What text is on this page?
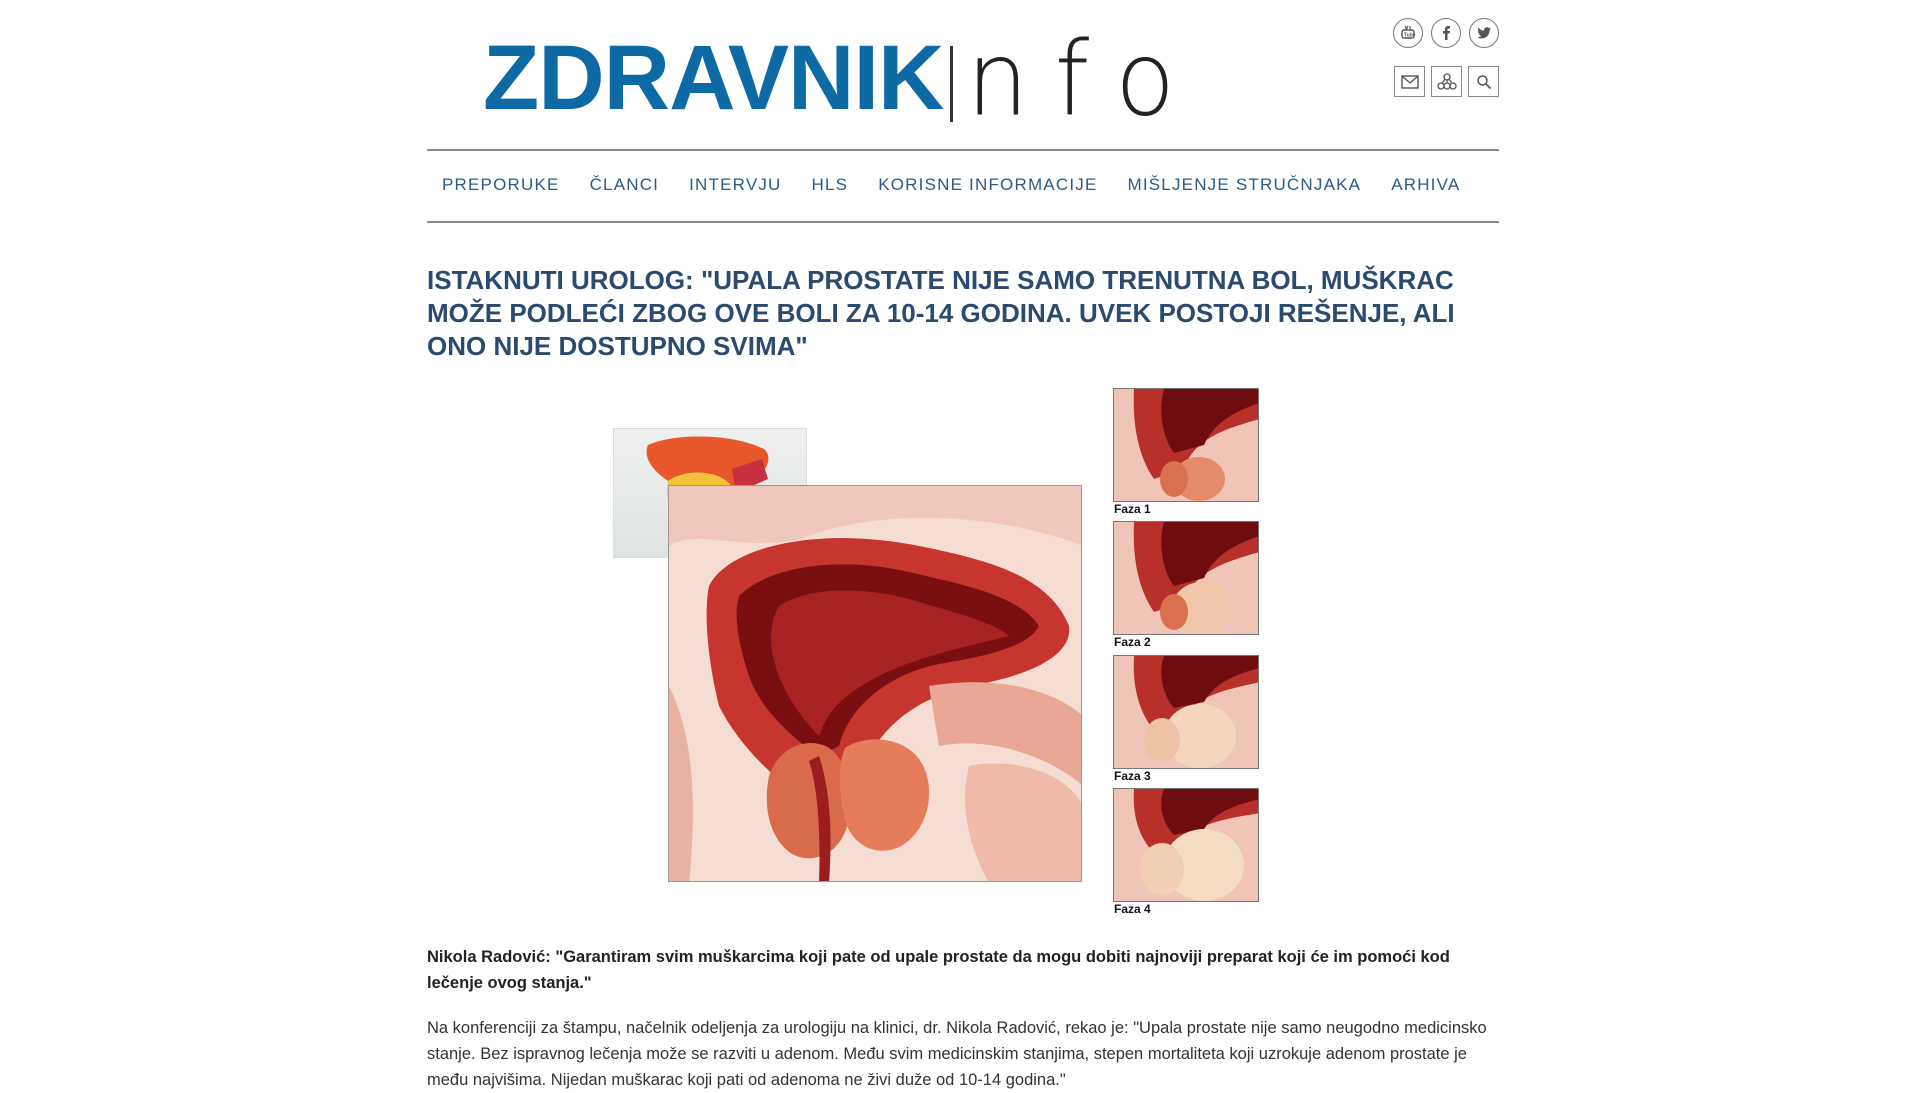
ZDRAVNIK nfo	Tube
PREPORUKE ČLANCI INTERVJU HLS KORISNE INFORMACIJE MIŠLJENJE STRUČNJAKA ARHIVA
ISTAKNUTI UROLOG: "UPALA PROSTATE NIJE SAMO TRENUTNA BOL, MUŠKRAC MOŽE PODLEĆI ZBOG OVE BOLI ZA 10-14 GODINA. UVEK POSTOJI REŠENJE, ALI ONO NIJE DOSTUPNO SVIMA"
Faza 1
Faza 2
Faza 3
Faza 4

Nikola Radović: "Garantiram svim muškarcima koji pate od upale prostate da mogu dobiti najnoviji preparat koji će im pomoći kod lečenje ovog stanja."

Na konferenciji za štampu, načelnik odeljenja za urologiju na klinici, dr. Nikola Radović, rekao je: "Upala prostate nije samo neugodno medicinsko stanje. Bez ispravnog lečenja može se razviti u adenom. Među svim medicinskim stanjima, stepen mortaliteta koji uzrokuje adenom prostate je među najvišima. Nijedan muškarac koji pati od adenoma ne živi duže od 10-14 godina."
